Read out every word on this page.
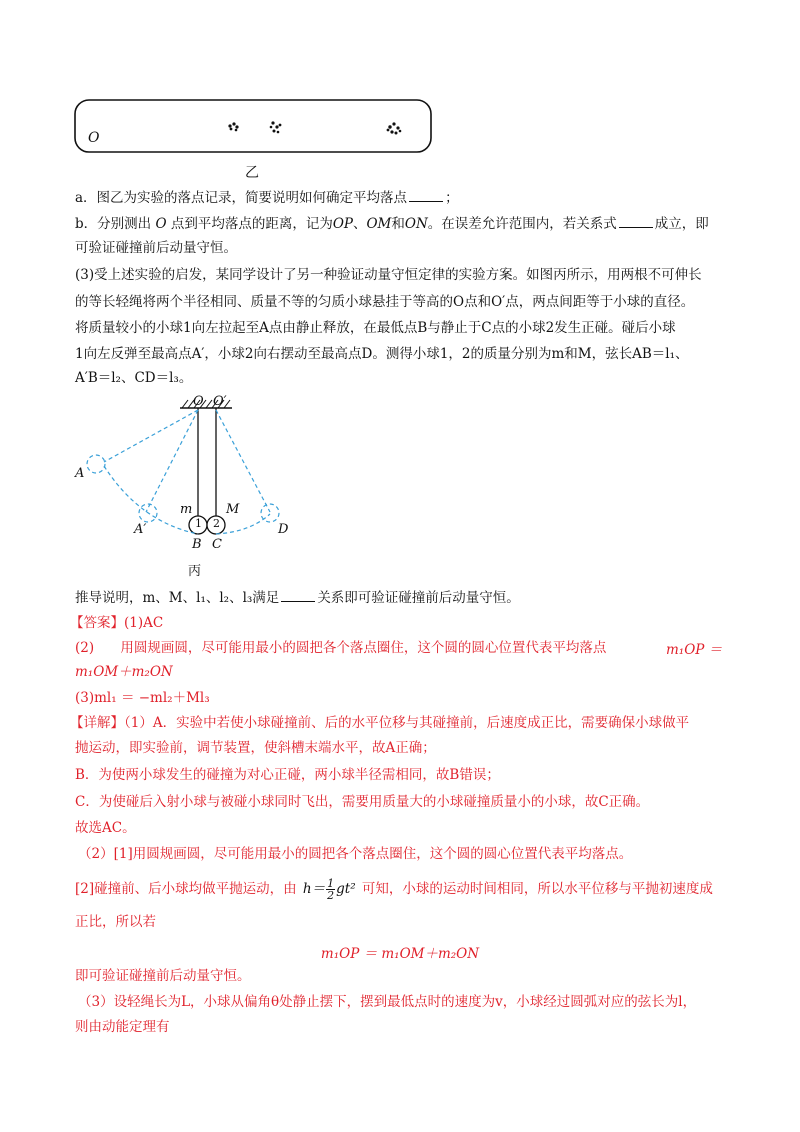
O
乙
a．图乙为实验的落点记录，简要说明如何确定平均落点	；
b．分别测出 O 点到平均落点的距离，记为OP、OM和ON。在误差允许范围内，若关系式	成立，即
可验证碰撞前后动量守恒。
(3)受上述实验的启发，某同学设计了另一种验证动量守恒定律的实验方案。如图丙所示，用两根不可伸长
的等长轻绳将两个半径相同、质量不等的匀质小球悬挂于等高的O点和O′点，两点间距等于小球的直径。
将质量较小的小球1向左拉起至A点由静止释放，在最低点B与静止于C点的小球2发生正碰。碰后小球
1向左反弹至最高点A′，小球2向右摆动至最高点D。测得小球1，2的质量分别为m和M，弦长AB＝l₁、
A′B＝l₂、CD＝l₃。
O O′
A
A′
m	M
1 2
B C
D
丙
推导说明，m、M、l₁、l₂、l₃满足	关系即可验证碰撞前后动量守恒。
【答案】(1)AC
(2) 用圆规画圆，尽可能用最小的圆把各个落点圈住，这个圆的圆心位置代表平均落点	m₁OP ＝
m₁OM＋m₂ON
(3)ml₁ ＝ −ml₂＋Ml₃
【详解】（1）A．实验中若使小球碰撞前、后的水平位移与其碰撞前，后速度成正比，需要确保小球做平
抛运动，即实验前，调节装置，使斜槽末端水平，故A正确；
B．为使两小球发生的碰撞为对心正碰，两小球半径需相同，故B错误；
C．为使碰后入射小球与被碰小球同时飞出，需要用质量大的小球碰撞质量小的小球，故C正确。
故选AC。
（2）[1]用圆规画圆，尽可能用最小的圆把各个落点圈住，这个圆的圆心位置代表平均落点。
[2]碰撞前、后小球均做平抛运动，由 $h= \frac{1}{2} gt^2$ 可知，小球的运动时间相同，所以水平位移与平抛初速度成
正比，所以若
m₁OP ＝ m₁OM＋m₂ON
即可验证碰撞前后动量守恒。
（3）设轻绳长为L，小球从偏角θ处静止摆下，摆到最低点时的速度为v，小球经过圆弧对应的弦长为l，
则由动能定理有
